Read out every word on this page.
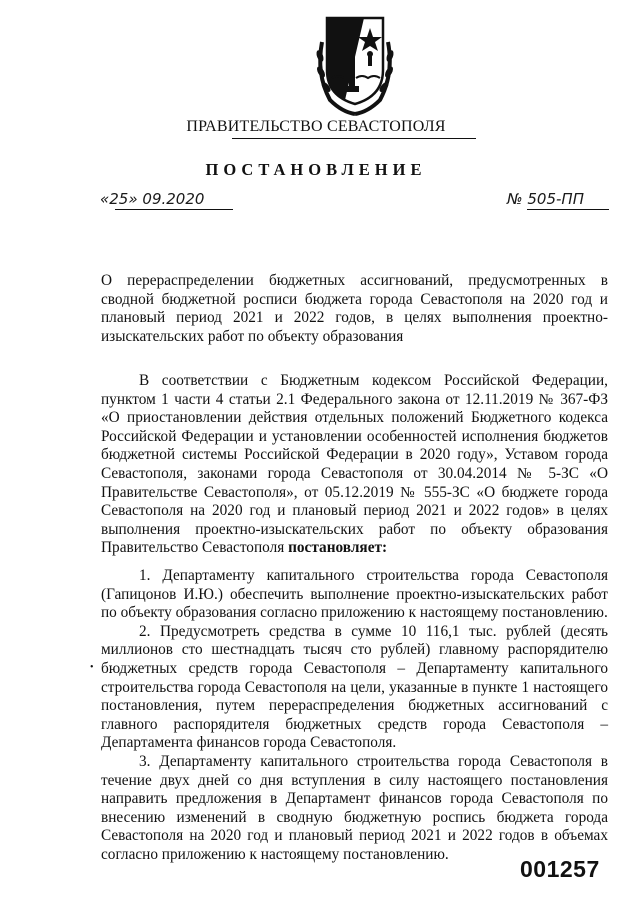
ПРАВИТЕЛЬСТВО СЕВАСТОПОЛЯ
ПОСТАНОВЛЕНИЕ
«25» 09.2020	№ 505-ПП
О перераспределении бюджетных ассигнований, предусмотренных в сводной бюджетной росписи бюджета города Севастополя на 2020 год и плановый период 2021 и 2022 годов, в целях выполнения проектно-изыскательских работ по объекту образования

В соответствии с Бюджетным кодексом Российской Федерации, пунктом 1 части 4 статьи 2.1 Федерального закона от 12.11.2019 № 367-ФЗ «О приостановлении действия отдельных положений Бюджетного кодекса Российской Федерации и установлении особенностей исполнения бюджетов бюджетной системы Российской Федерации в 2020 году», Уставом города Севастополя, законами города Севастополя от 30.04.2014 № 5-ЗС «О Правительстве Севастополя», от 05.12.2019 № 555-ЗС «О бюджете города Севастополя на 2020 год и плановый период 2021 и 2022 годов» в целях выполнения проектно-изыскательских работ по объекту образования Правительство Севастополя постановляет:

1. Департаменту капитального строительства города Севастополя (Гапицонов И.Ю.) обеспечить выполнение проектно-изыскательских работ по объекту образования согласно приложению к настоящему постановлению.

2. Предусмотреть средства в сумме 10 116,1 тыс. рублей (десять миллионов сто шестнадцать тысяч сто рублей) главному распорядителю бюджетных средств города Севастополя – Департаменту капитального строительства города Севастополя на цели, указанные в пункте 1 настоящего постановления, путем перераспределения бюджетных ассигнований с главного распорядителя бюджетных средств города Севастополя – Департамента финансов города Севастополя.

3. Департаменту капитального строительства города Севастополя в течение двух дней со дня вступления в силу настоящего постановления направить предложения в Департамент финансов города Севастополя по внесению изменений в сводную бюджетную роспись бюджета города Севастополя на 2020 год и плановый период 2021 и 2022 годов в объемах согласно приложению к настоящему постановлению.

•
001257
